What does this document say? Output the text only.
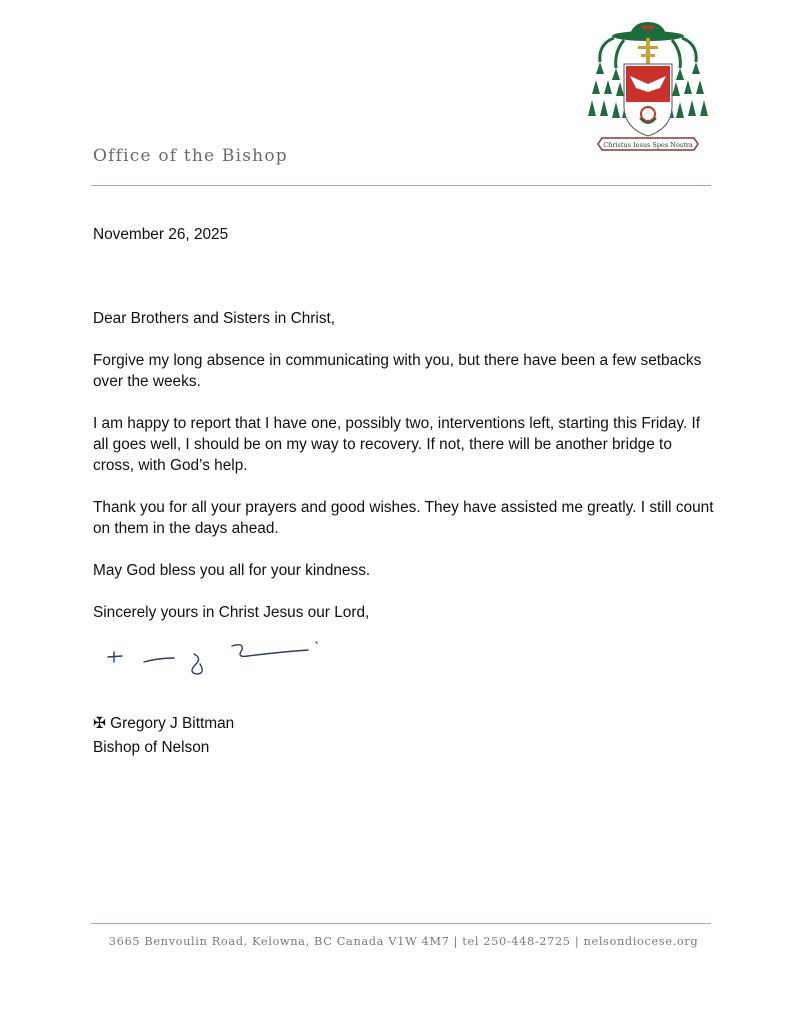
Office of the Bishop
Christus Iesus Spes Nostra

November 26, 2025

Dear Brothers and Sisters in Christ,

Forgive my long absence in communicating with you, but there have been a few setbacks over the weeks.

I am happy to report that I have one, possibly two, interventions left, starting this Friday. If all goes well, I should be on my way to recovery. If not, there will be another bridge to cross, with God’s help.

Thank you for all your prayers and good wishes. They have assisted me greatly. I still count on them in the days ahead.

May God bless you all for your kindness.

Sincerely yours in Christ Jesus our Lord,

✠ Gregory J Bittman
Bishop of Nelson
3665 Benvoulin Road, Kelowna, BC Canada V1W 4M7 | tel 250-448-2725 | nelsondiocese.org
